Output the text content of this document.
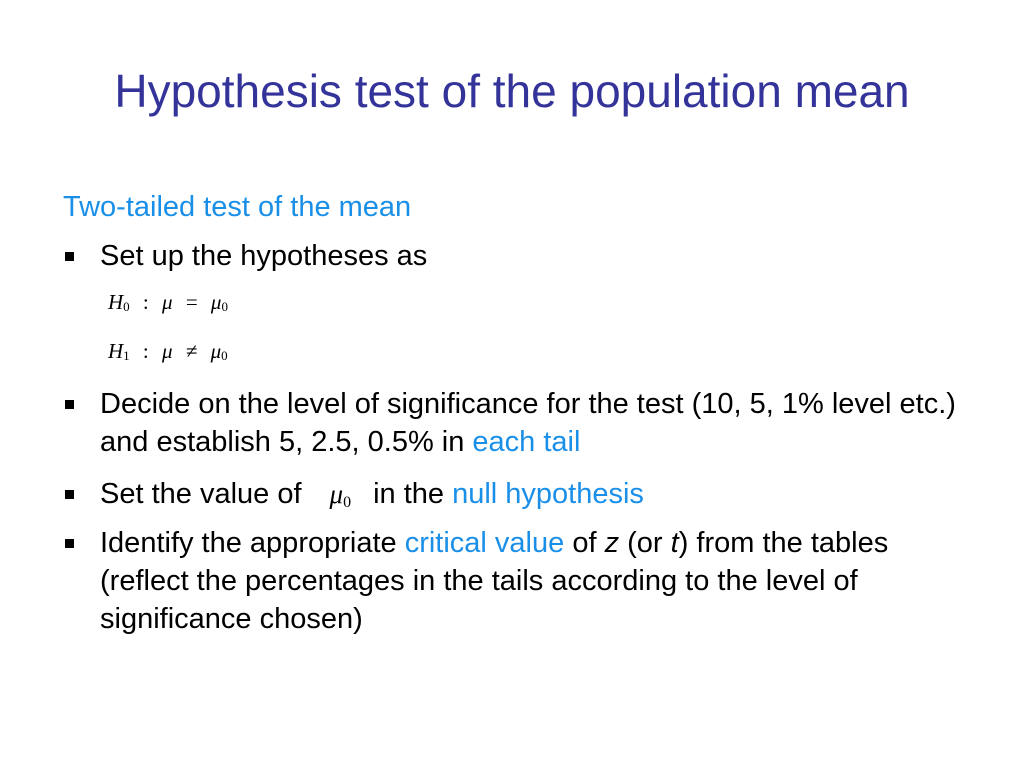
Hypothesis test of the population mean
Two-tailed test of the mean
Set up the hypotheses as
$H_0$ : $\mu = \mu_0$
$H_1$ : $\mu \ne \mu_0$
Decide on the level of significance for the test (10, 5, 1% level etc.) and establish 5, 2.5, 0.5% in each tail
Set the value of $\mu_0$ in the null hypothesis
Identify the appropriate critical value of z (or t) from the tables (reflect the percentages in the tails according to the level of significance chosen)
